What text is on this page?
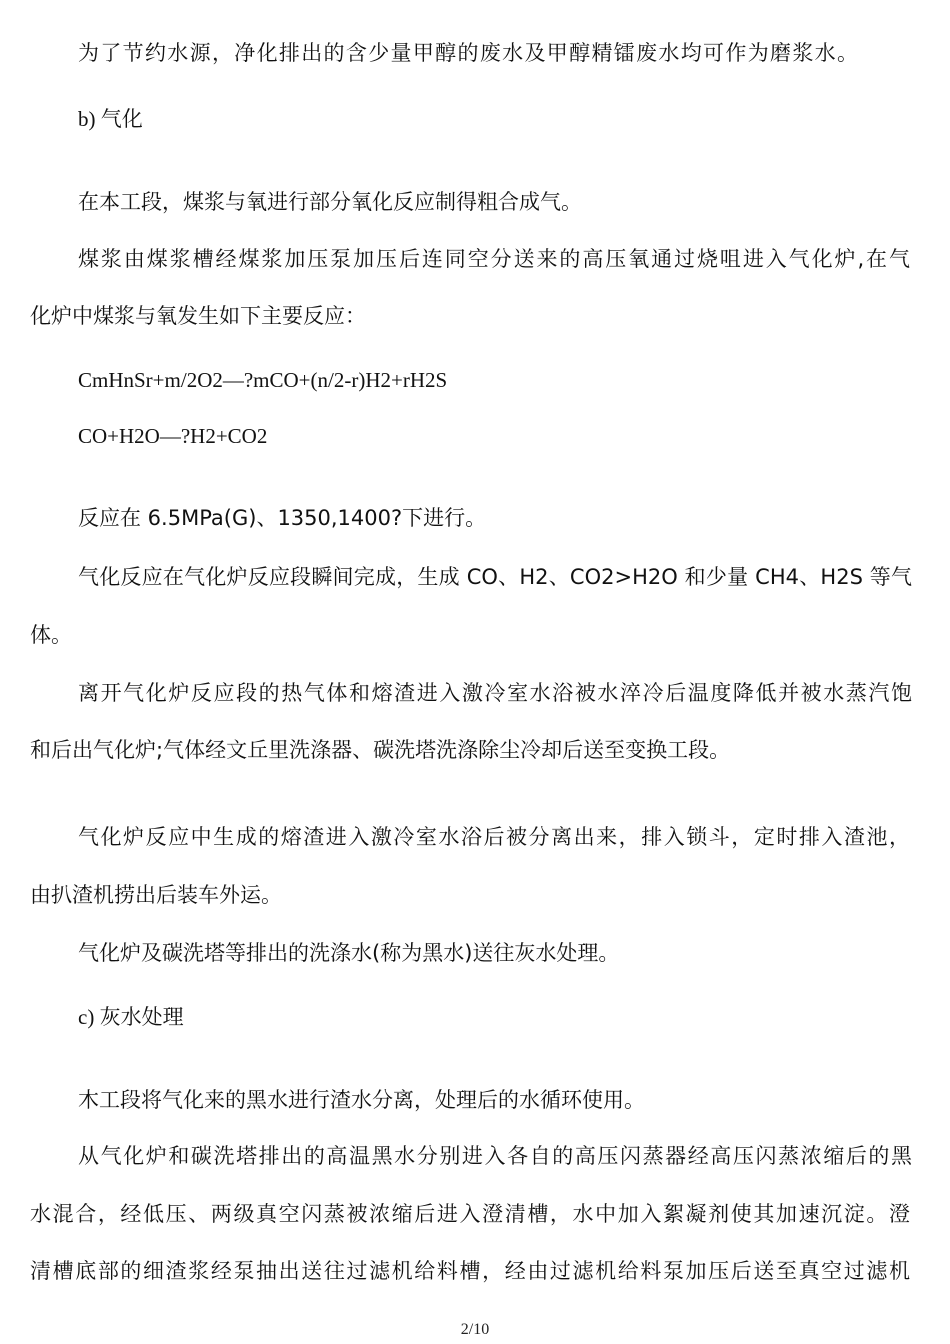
为了节约水源，净化排出的含少量甲醇的废水及甲醇精镭废水均可作为磨浆水。
b) 气化
在本工段，煤浆与氧进行部分氧化反应制得粗合成气。
煤浆由煤浆槽经煤浆加压泵加压后连同空分送来的高压氧通过烧咀进入气化炉,在气
化炉中煤浆与氧发生如下主要反应：
CmHnSr+m/2O2—?mCO+(n/2-r)H2+rH2S
CO+H2O—?H2+CO2
反应在 6.5MPa(G)、1350,1400?下进行。
气化反应在气化炉反应段瞬间完成，生成 CO、H2、CO2>H2O 和少量 CH4、H2S 等气
体。
离开气化炉反应段的热气体和熔渣进入激冷室水浴被水淬冷后温度降低并被水蒸汽饱
和后出气化炉;气体经文丘里洗涤器、碳洗塔洗涤除尘冷却后送至变换工段。
气化炉反应中生成的熔渣进入激冷室水浴后被分离出来，排入锁斗，定时排入渣池，
由扒渣机捞出后装车外运。
气化炉及碳洗塔等排出的洗涤水(称为黑水)送往灰水处理。
c) 灰水处理
木工段将气化来的黑水进行渣水分离，处理后的水循环使用。
从气化炉和碳洗塔排出的高温黑水分别进入各自的高压闪蒸器经高压闪蒸浓缩后的黑
水混合，经低压、两级真空闪蒸被浓缩后进入澄清槽，水中加入絮凝剂使其加速沉淀。澄
清槽底部的细渣浆经泵抽出送往过滤机给料槽，经由过滤机给料泵加压后送至真空过滤机
2/10
